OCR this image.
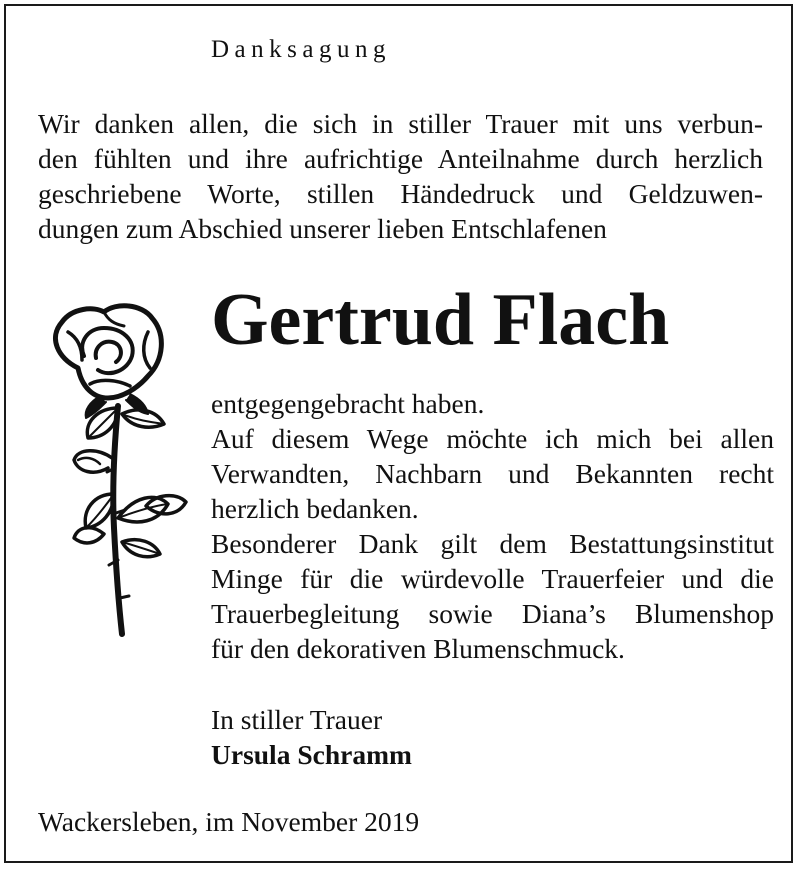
Danksagung
Wir danken allen, die sich in stiller Trauer mit uns verbun-
den fühlten und ihre aufrichtige Anteilnahme durch herzlich
geschriebene Worte, stillen Händedruck und Geldzuwen-
dungen zum Abschied unserer lieben Entschlafenen
Gertrud Flach
entgegengebracht haben.
Auf diesem Wege möchte ich mich bei allen
Verwandten, Nachbarn und Bekannten recht
herzlich bedanken.
Besonderer Dank gilt dem Bestattungsinstitut
Minge für die würdevolle Trauerfeier und die
Trauerbegleitung sowie Diana’s Blumenshop
für den dekorativen Blumenschmuck.
In stiller Trauer
Ursula Schramm
Wackersleben, im November 2019
